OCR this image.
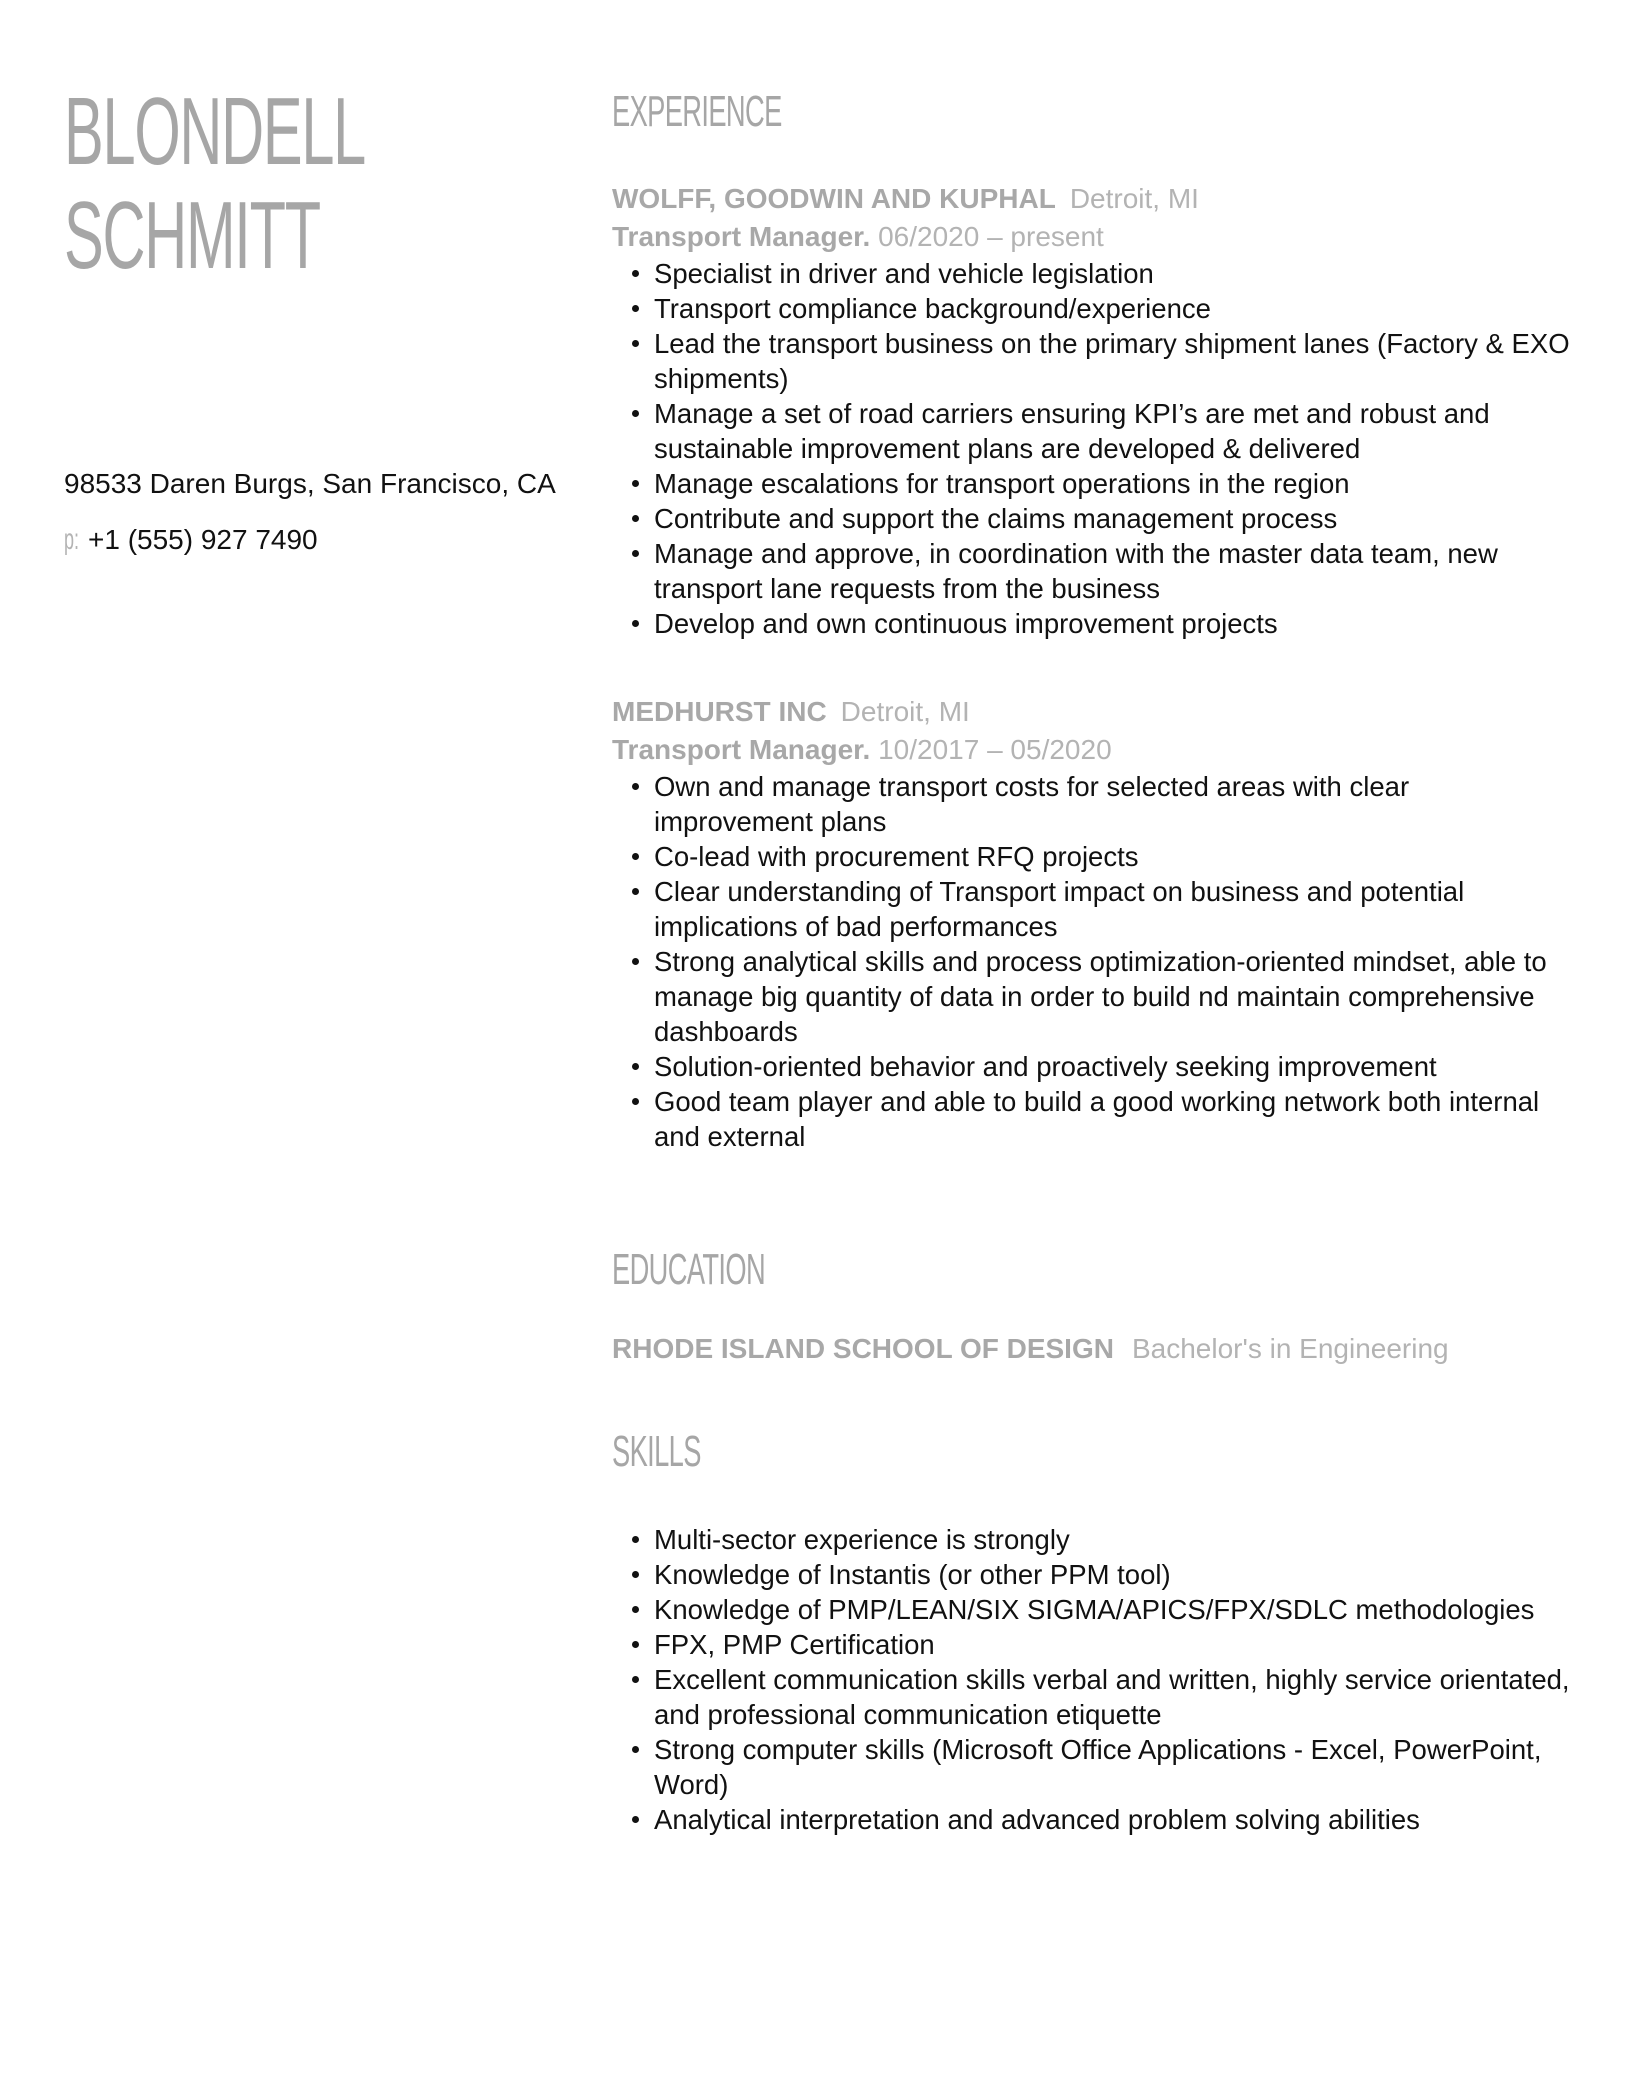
BLONDELL
SCHMITT
98533 Daren Burgs, San Francisco, CA
p: +1 (555) 927 7490
EXPERIENCE
WOLFF, GOODWIN AND KUPHAL Detroit, MI
Transport Manager. 06/2020 – present
Specialist in driver and vehicle legislation
Transport compliance background/experience
Lead the transport business on the primary shipment lanes (Factory & EXO shipments)
Manage a set of road carriers ensuring KPI’s are met and robust and sustainable improvement plans are developed & delivered
Manage escalations for transport operations in the region
Contribute and support the claims management process
Manage and approve, in coordination with the master data team, new transport lane requests from the business
Develop and own continuous improvement projects
MEDHURST INC Detroit, MI
Transport Manager. 10/2017 – 05/2020
Own and manage transport costs for selected areas with clear improvement plans
Co-lead with procurement RFQ projects
Clear understanding of Transport impact on business and potential implications of bad performances
Strong analytical skills and process optimization-oriented mindset, able to manage big quantity of data in order to build nd maintain comprehensive dashboards
Solution-oriented behavior and proactively seeking improvement
Good team player and able to build a good working network both internal and external
EDUCATION
RHODE ISLAND SCHOOL OF DESIGN Bachelor's in Engineering
SKILLS
Multi-sector experience is strongly
Knowledge of Instantis (or other PPM tool)
Knowledge of PMP/LEAN/SIX SIGMA/APICS/FPX/SDLC methodologies
FPX, PMP Certification
Excellent communication skills verbal and written, highly service orientated, and professional communication etiquette
Strong computer skills (Microsoft Office Applications - Excel, PowerPoint, Word)
Analytical interpretation and advanced problem solving abilities
